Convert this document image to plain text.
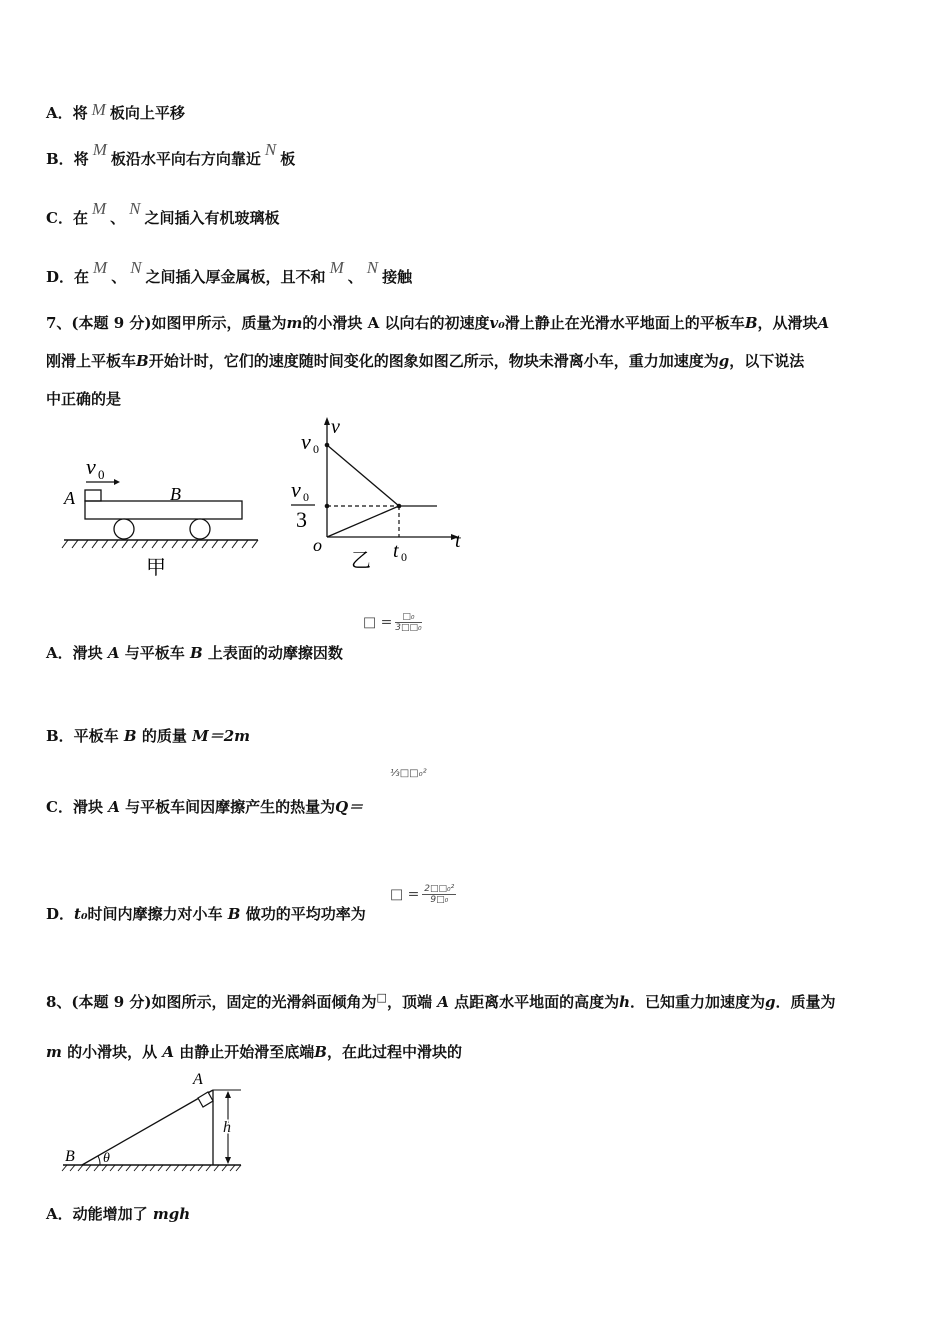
A．将 M 板向上平移
B．将 M 板沿水平向右方向靠近 N 板
C．在 M 、 N 之间插入有机玻璃板
D．在 M 、 N 之间插入厚金属板，且不和 M 、 N 接触
7、(本题 9 分)如图甲所示，质量为m的小滑块 A 以向右的初速度v₀滑上静止在光滑水平地面上的平板车B，从滑块A
刚滑上平板车B开始计时，它们的速度随时间变化的图象如图乙所示，物块未滑离小车，重力加速度为g，以下说法
中正确的是
v 0
A	B
甲
v
t
v 0
v 0
3
o
乙 t 0
□ =	□₀
3□□₀
A．滑块 A 与平板车 B 上表面的动摩擦因数
B．平板车 B 的质量 M＝2m
⅓□□₀²
C．滑块 A 与平板车间因摩擦产生的热量为Q＝
D．t₀时间内摩擦力对小车 B 做功的平均功率为
□ = $\frac{\text{2□□₀²}}{\text{9□₀}}$
8、(本题 9 分)如图所示，固定的光滑斜面倾角为□，顶端 A 点距离水平地面的高度为h．已知重力加速度为g．质量为
m 的小滑块，从 A 由静止开始滑至底端B，在此过程中滑块的
A
h
B θ
A．动能增加了 mgh
